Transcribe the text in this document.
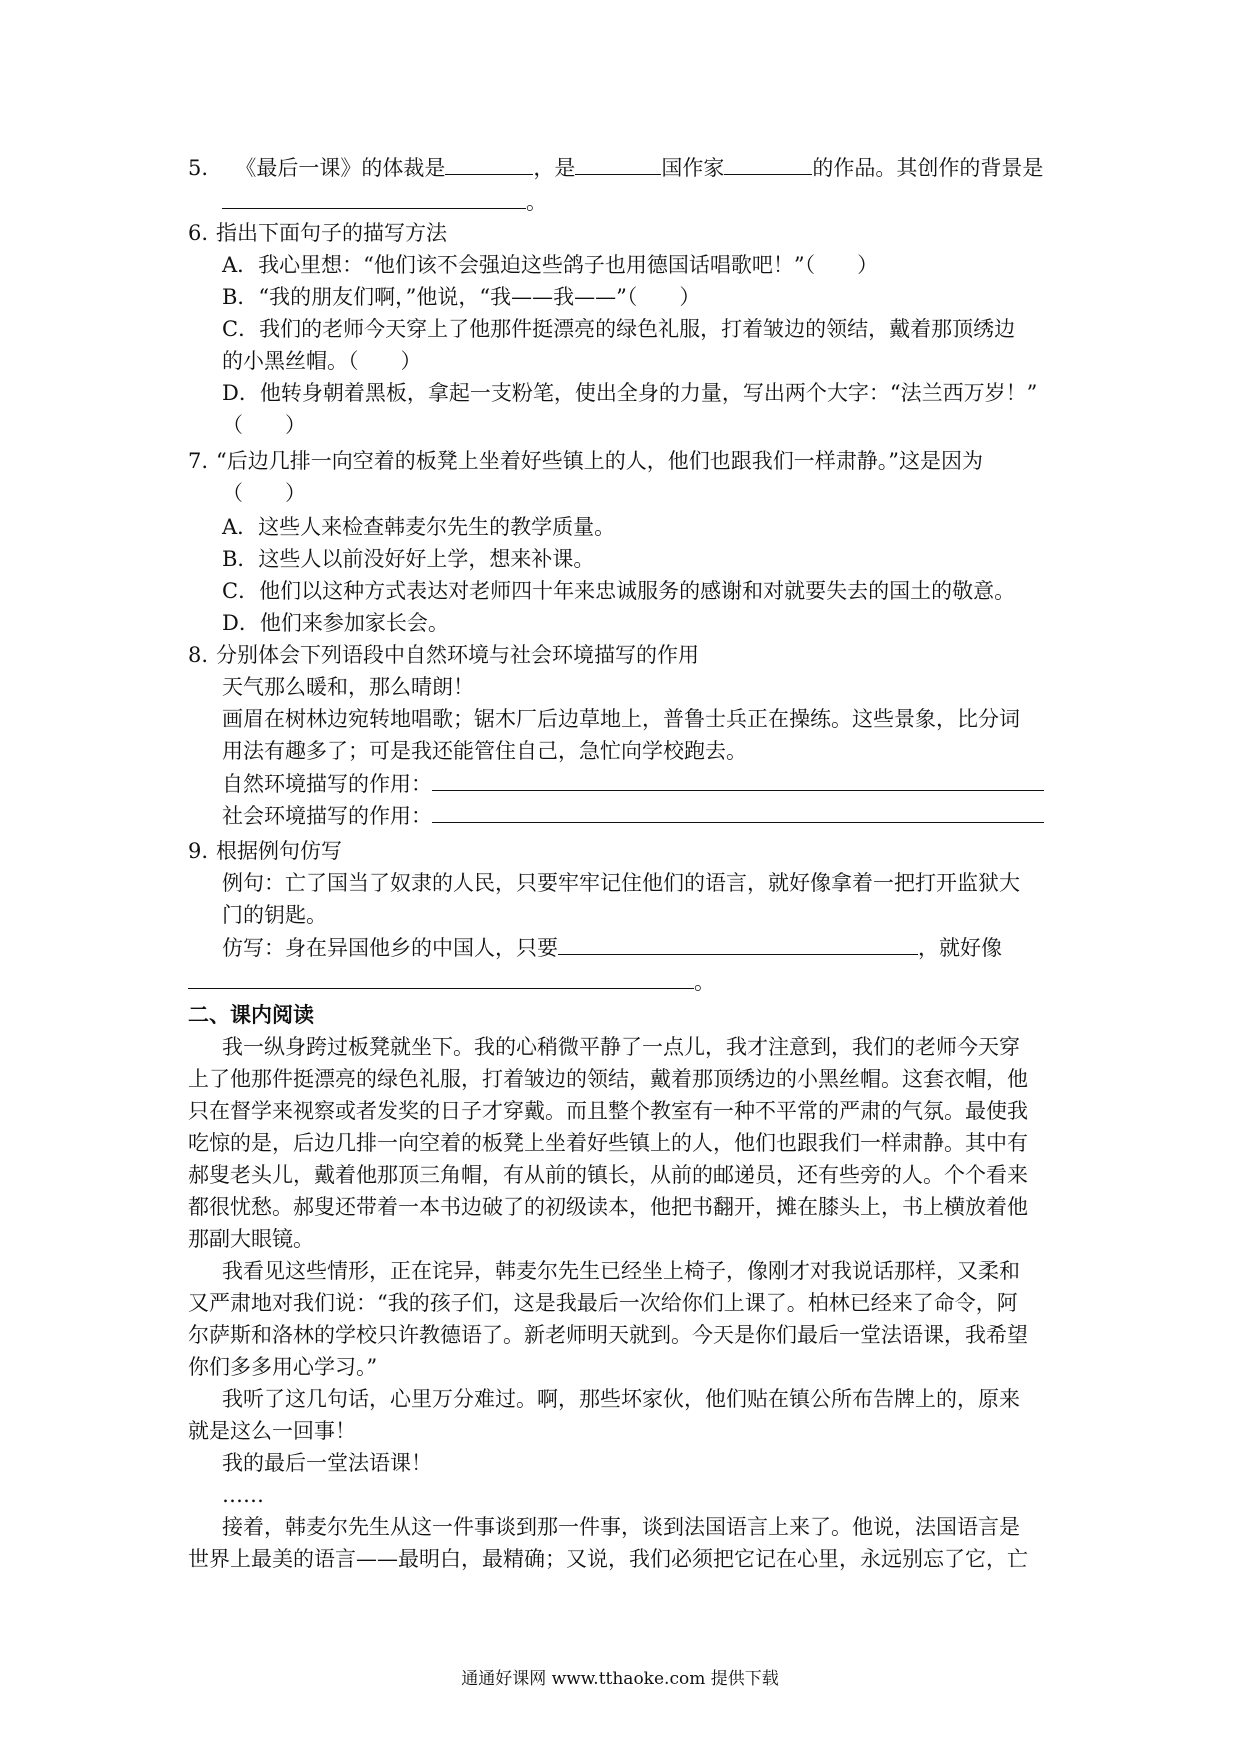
5. 《最后一课》的体裁是	，是	国作家	的作品。其创作的背景是
。
6. 指出下面句子的描写方法
A．我心里想：“他们该不会强迫这些鸽子也用德国话唱歌吧！”（　　）
B．“我的朋友们啊，”他说，“我——我——”（　　）
C．我们的老师今天穿上了他那件挺漂亮的绿色礼服，打着皱边的领结，戴着那顶绣边
的小黑丝帽。（　　）
D．他转身朝着黑板，拿起一支粉笔，使出全身的力量，写出两个大字：“法兰西万岁！”
（　　）
7. “后边几排一向空着的板凳上坐着好些镇上的人，他们也跟我们一样肃静。”这是因为
（　　）
A．这些人来检查韩麦尔先生的教学质量。
B．这些人以前没好好上学，想来补课。
C．他们以这种方式表达对老师四十年来忠诚服务的感谢和对就要失去的国土的敬意。
D．他们来参加家长会。
8. 分别体会下列语段中自然环境与社会环境描写的作用
天气那么暖和，那么晴朗！
画眉在树林边宛转地唱歌；锯木厂后边草地上，普鲁士兵正在操练。这些景象，比分词
用法有趣多了；可是我还能管住自己，急忙向学校跑去。
自然环境描写的作用：
社会环境描写的作用：
9. 根据例句仿写
例句：亡了国当了奴隶的人民，只要牢牢记住他们的语言，就好像拿着一把打开监狱大
门的钥匙。
仿写：身在异国他乡的中国人，只要	，就好像
。
二、课内阅读
我一纵身跨过板凳就坐下。我的心稍微平静了一点儿，我才注意到，我们的老师今天穿
上了他那件挺漂亮的绿色礼服，打着皱边的领结，戴着那顶绣边的小黑丝帽。这套衣帽，他
只在督学来视察或者发奖的日子才穿戴。而且整个教室有一种不平常的严肃的气氛。最使我
吃惊的是，后边几排一向空着的板凳上坐着好些镇上的人，他们也跟我们一样肃静。其中有
郝叟老头儿，戴着他那顶三角帽，有从前的镇长，从前的邮递员，还有些旁的人。个个看来
都很忧愁。郝叟还带着一本书边破了的初级读本，他把书翻开，摊在膝头上，书上横放着他
那副大眼镜。
我看见这些情形，正在诧异，韩麦尔先生已经坐上椅子，像刚才对我说话那样，又柔和
又严肃地对我们说：“我的孩子们，这是我最后一次给你们上课了。柏林已经来了命令，阿
尔萨斯和洛林的学校只许教德语了。新老师明天就到。今天是你们最后一堂法语课，我希望
你们多多用心学习。”
我听了这几句话，心里万分难过。啊，那些坏家伙，他们贴在镇公所布告牌上的，原来
就是这么一回事！
我的最后一堂法语课！
……
接着，韩麦尔先生从这一件事谈到那一件事，谈到法国语言上来了。他说，法国语言是
世界上最美的语言——最明白，最精确；又说，我们必须把它记在心里，永远别忘了它，亡
通通好课网 www.tthaoke.com 提供下载
